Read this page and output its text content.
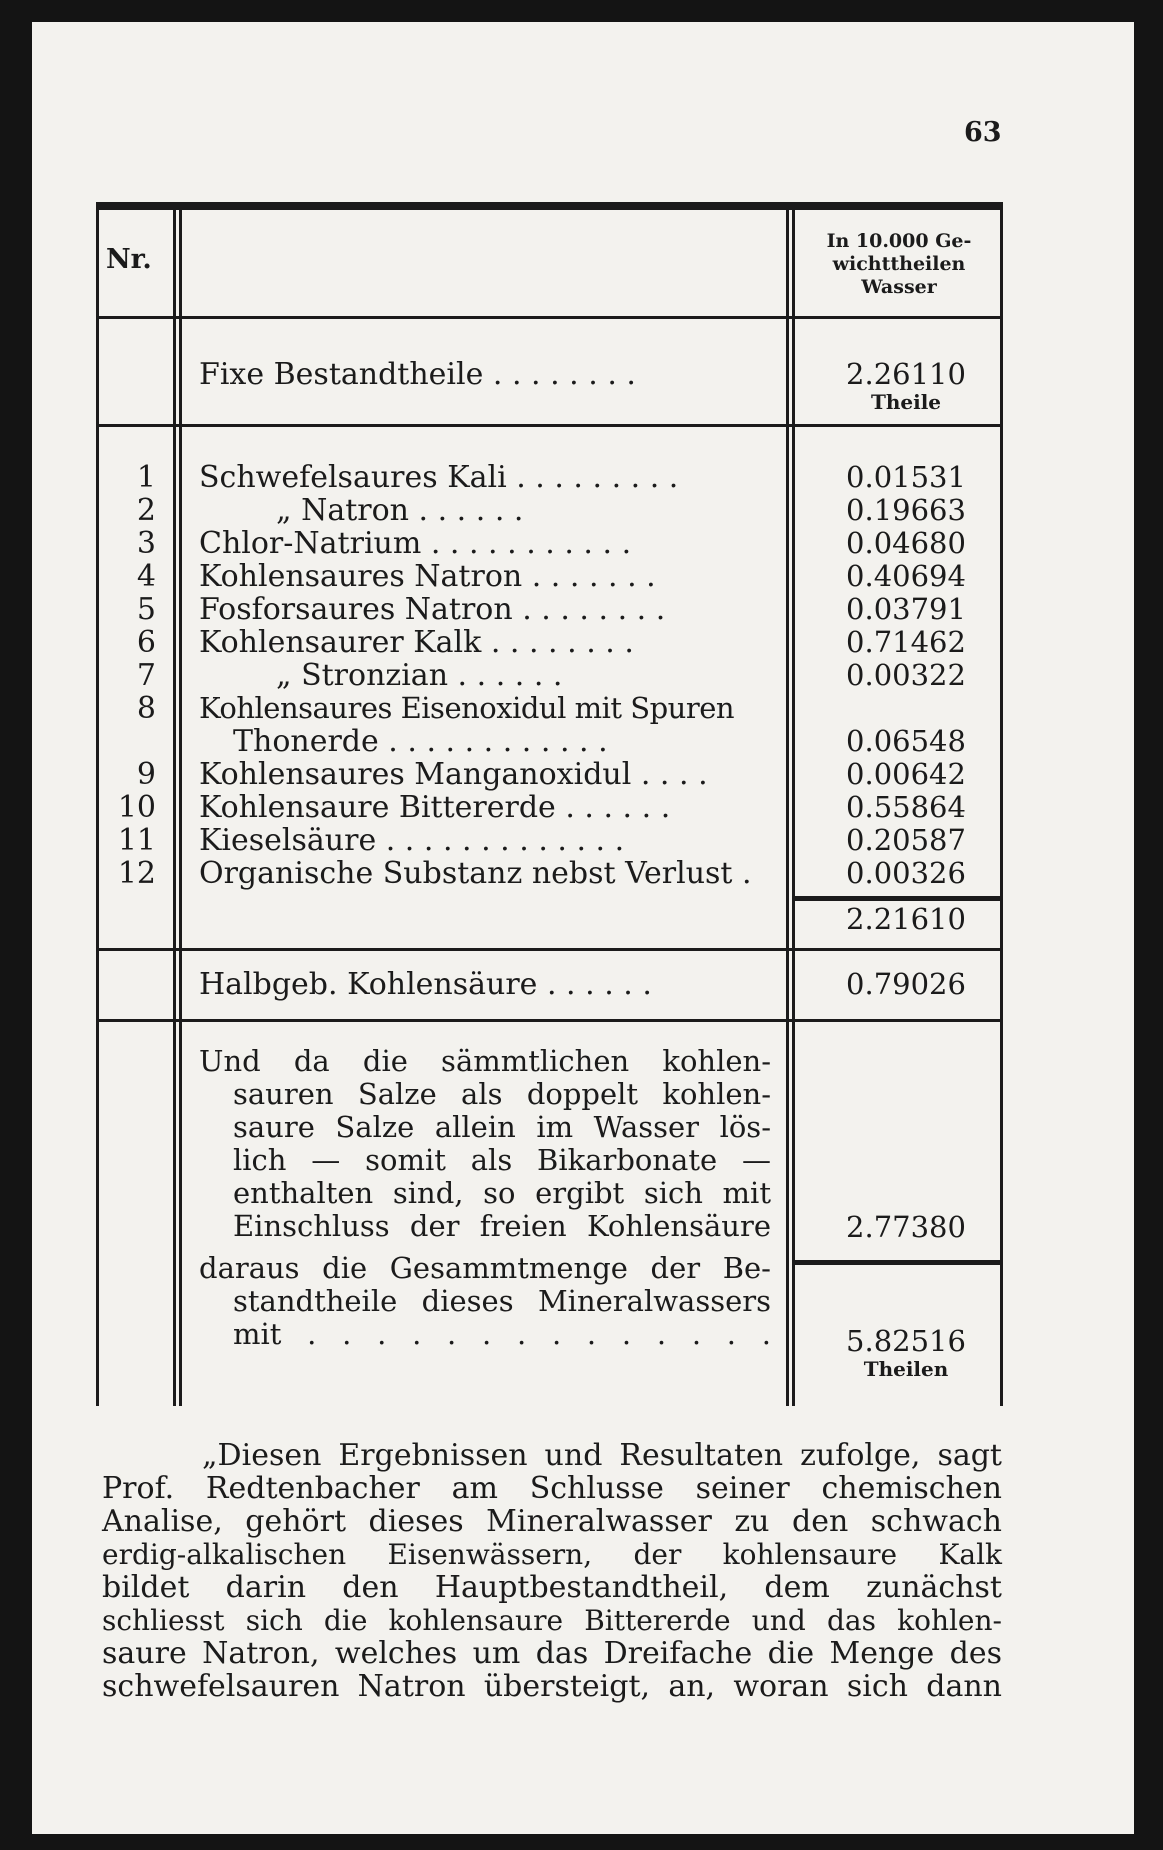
63
Nr.
In 10.000 Ge-
wichttheilen
Wasser
Fixe Bestandtheile . . . . . . . .	2.26110
Theile
1 Schwefelsaures Kali . . . . . . . . .	0.01531
2	„ Natron . . . . . .	0.19663
3 Chlor-Natrium . . . . . . . . . . .	0.04680
4 Kohlensaures Natron . . . . . . .	0.40694
5 Fosforsaures Natron . . . . . . . .	0.03791
6 Kohlensaurer Kalk . . . . . . . .	0.71462
7	„ Stronzian . . . . . .	0.00322
8 Kohlensaures Eisenoxidul mit Spuren
Thonerde . . . . . . . . . . . .	0.06548
9 Kohlensaures Manganoxidul . . . .	0.00642
10 Kohlensaure Bittererde . . . . . .	0.55864
11 Kieselsäure . . . . . . . . . . . . .	0.20587
12 Organische Substanz nebst Verlust .	0.00326
2.21610
Halbgeb. Kohlensäure . . . . . .	0.79026
Und da die sämmtlichen kohlen-
sauren Salze als doppelt kohlen-
saure Salze allein im Wasser lös-
lich — somit als Bikarbonate —
enthalten sind, so ergibt sich mit
Einschluss der freien Kohlensäure	2.77380
daraus die Gesammtmenge der Be-
standtheile dieses Mineralwassers
mit . . . . . . . . . . . . . .	5.82516
Theilen
„Diesen Ergebnissen und Resultaten zufolge, sagt
Prof. Redtenbacher am Schlusse seiner chemischen
Analise, gehört dieses Mineralwasser zu den schwach
erdig-alkalischen Eisenwässern, der kohlensaure Kalk
bildet darin den Hauptbestandtheil, dem zunächst
schliesst sich die kohlensaure Bittererde und das kohlen-
saure Natron, welches um das Dreifache die Menge des
schwefelsauren Natron übersteigt, an, woran sich dann
